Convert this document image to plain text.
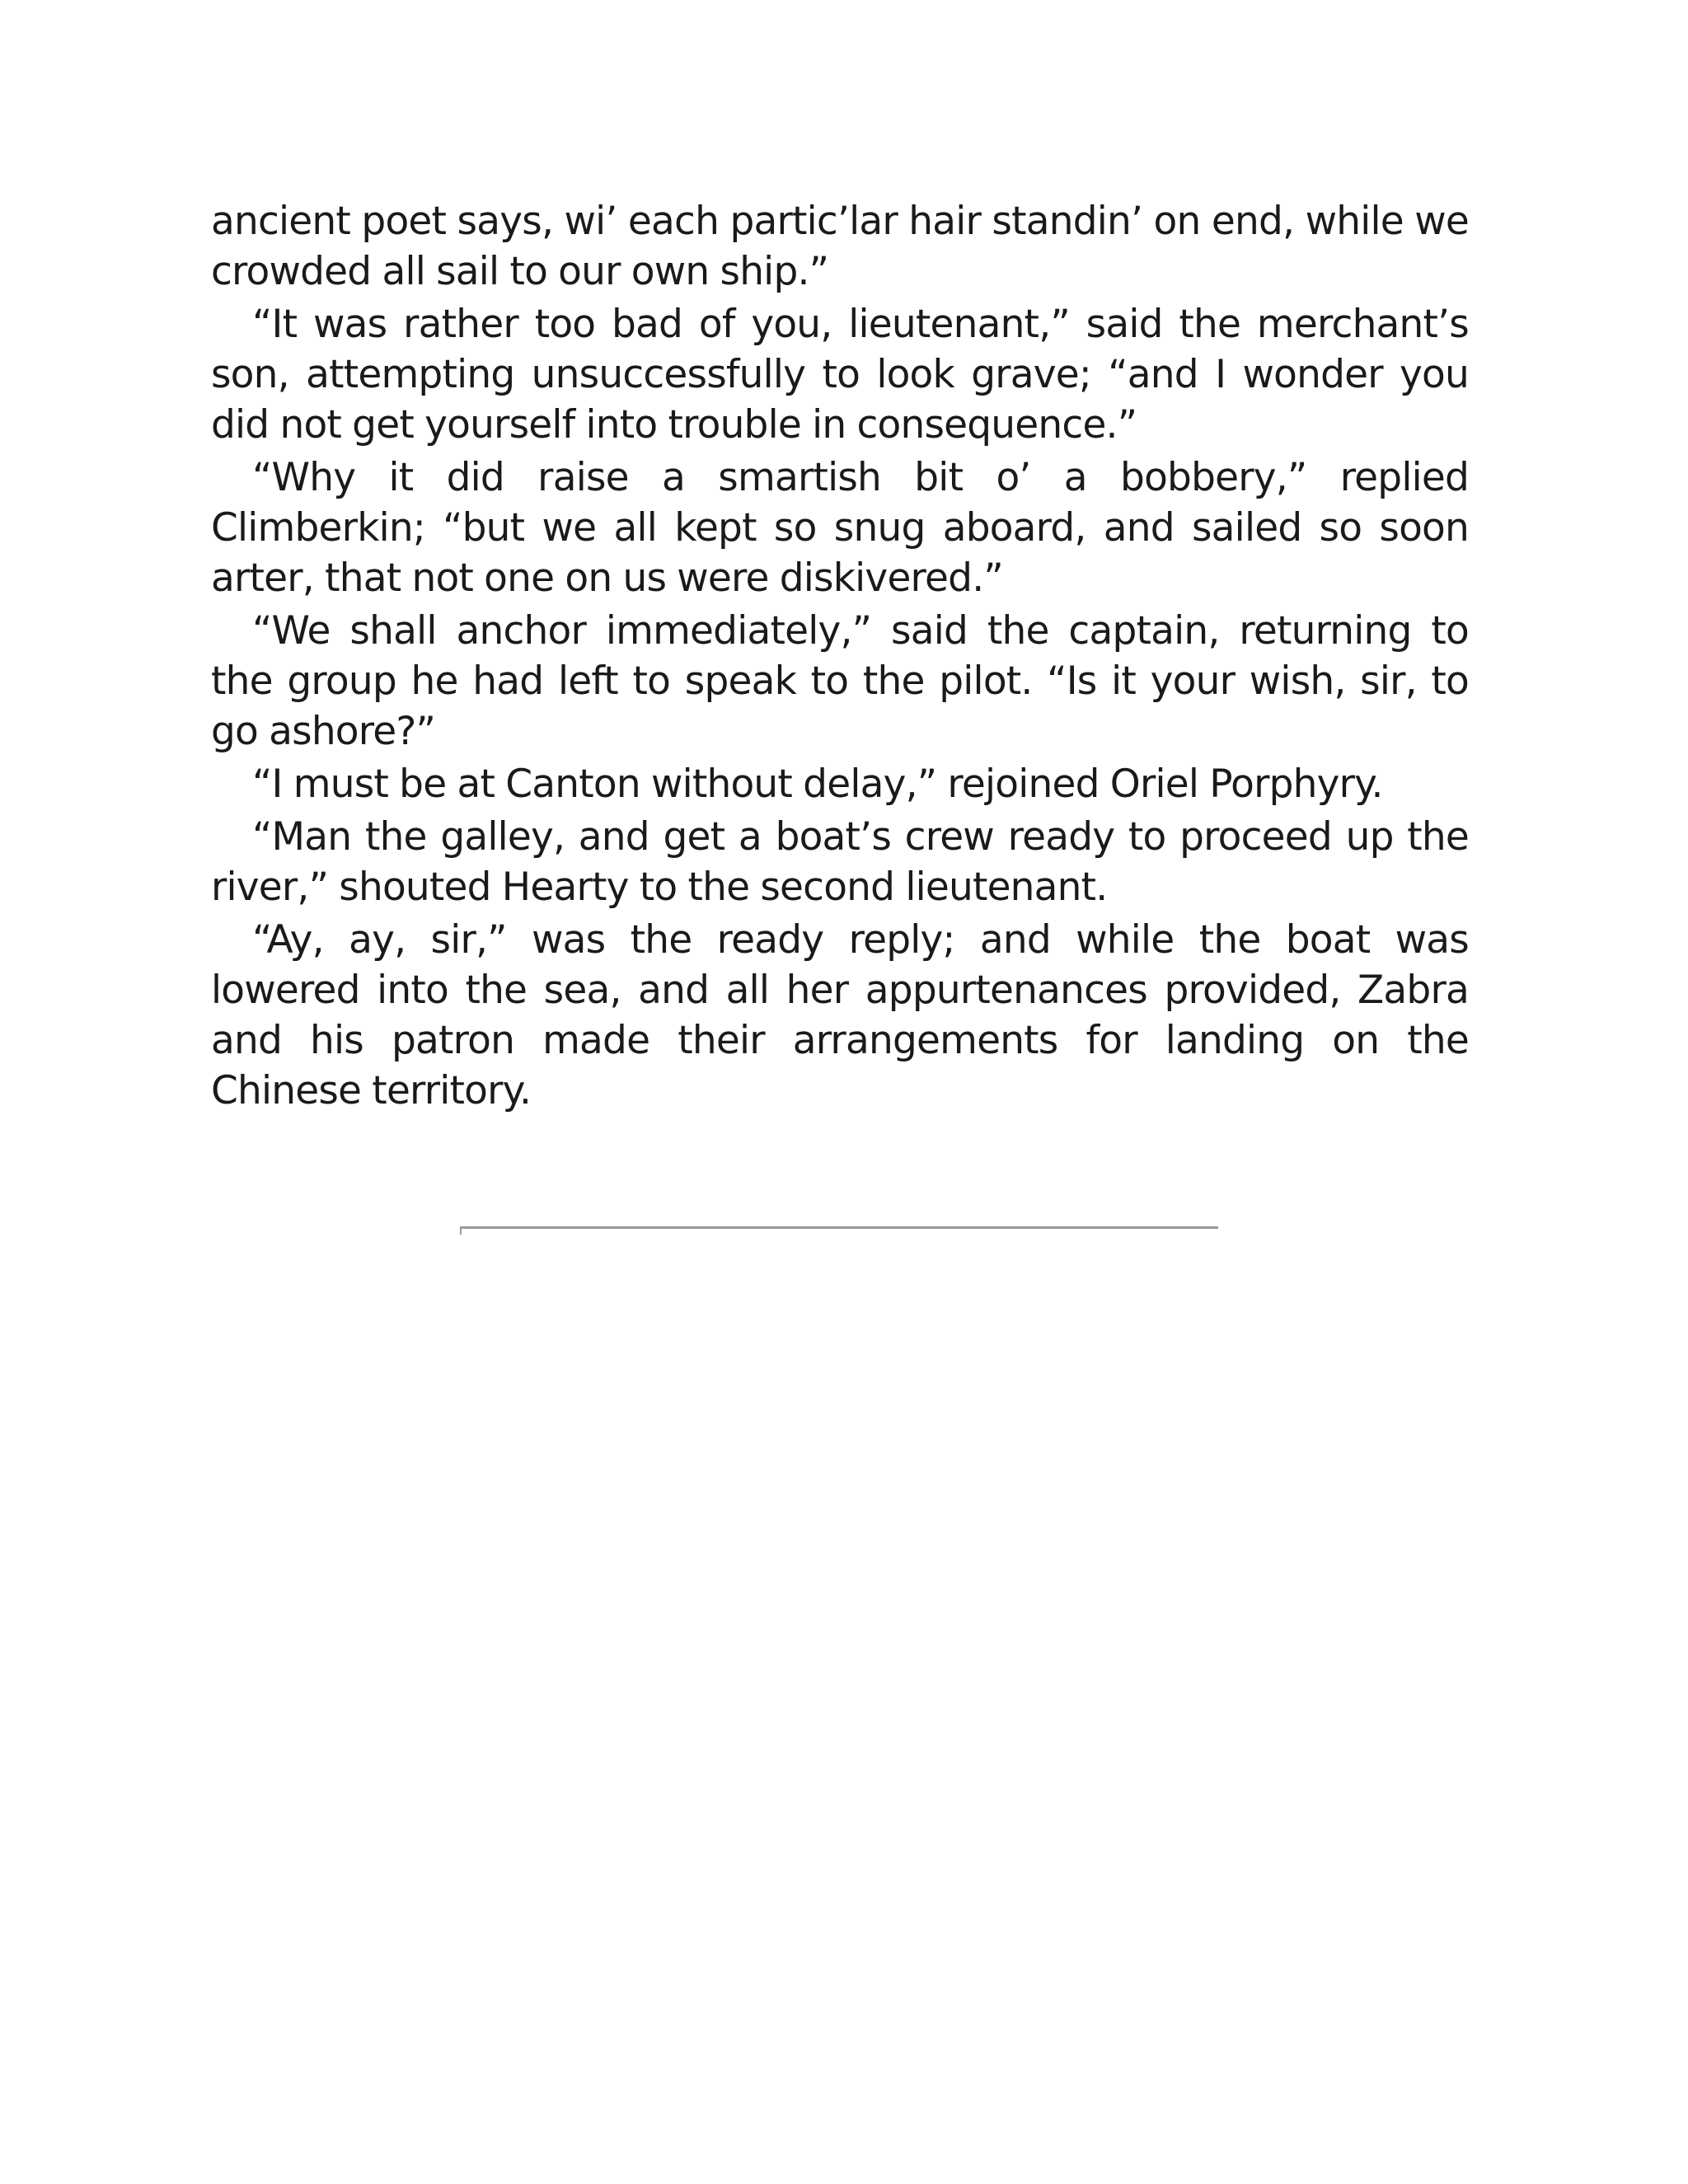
ancient poet says, wi’ each partic’lar hair standin’ on end, while we crowded all sail to our own ship.”

“It was rather too bad of you, lieutenant,” said the merchant’s son, attempting unsuccessfully to look grave; “and I wonder you did not get yourself into trouble in consequence.”

“Why it did raise a smartish bit o’ a bobbery,” replied Climberkin; “but we all kept so snug aboard, and sailed so soon arter, that not one on us were diskivered.”

“We shall anchor immediately,” said the captain, returning to the group he had left to speak to the pilot. “Is it your wish, sir, to go ashore?”

“I must be at Canton without delay,” rejoined Oriel Porphyry.

“Man the galley, and get a boat’s crew ready to proceed up the river,” shouted Hearty to the second lieutenant.

“Ay, ay, sir,” was the ready reply; and while the boat was lowered into the sea, and all her appurtenances provided, Zabra and his patron made their arrangements for landing on the Chinese territory.
